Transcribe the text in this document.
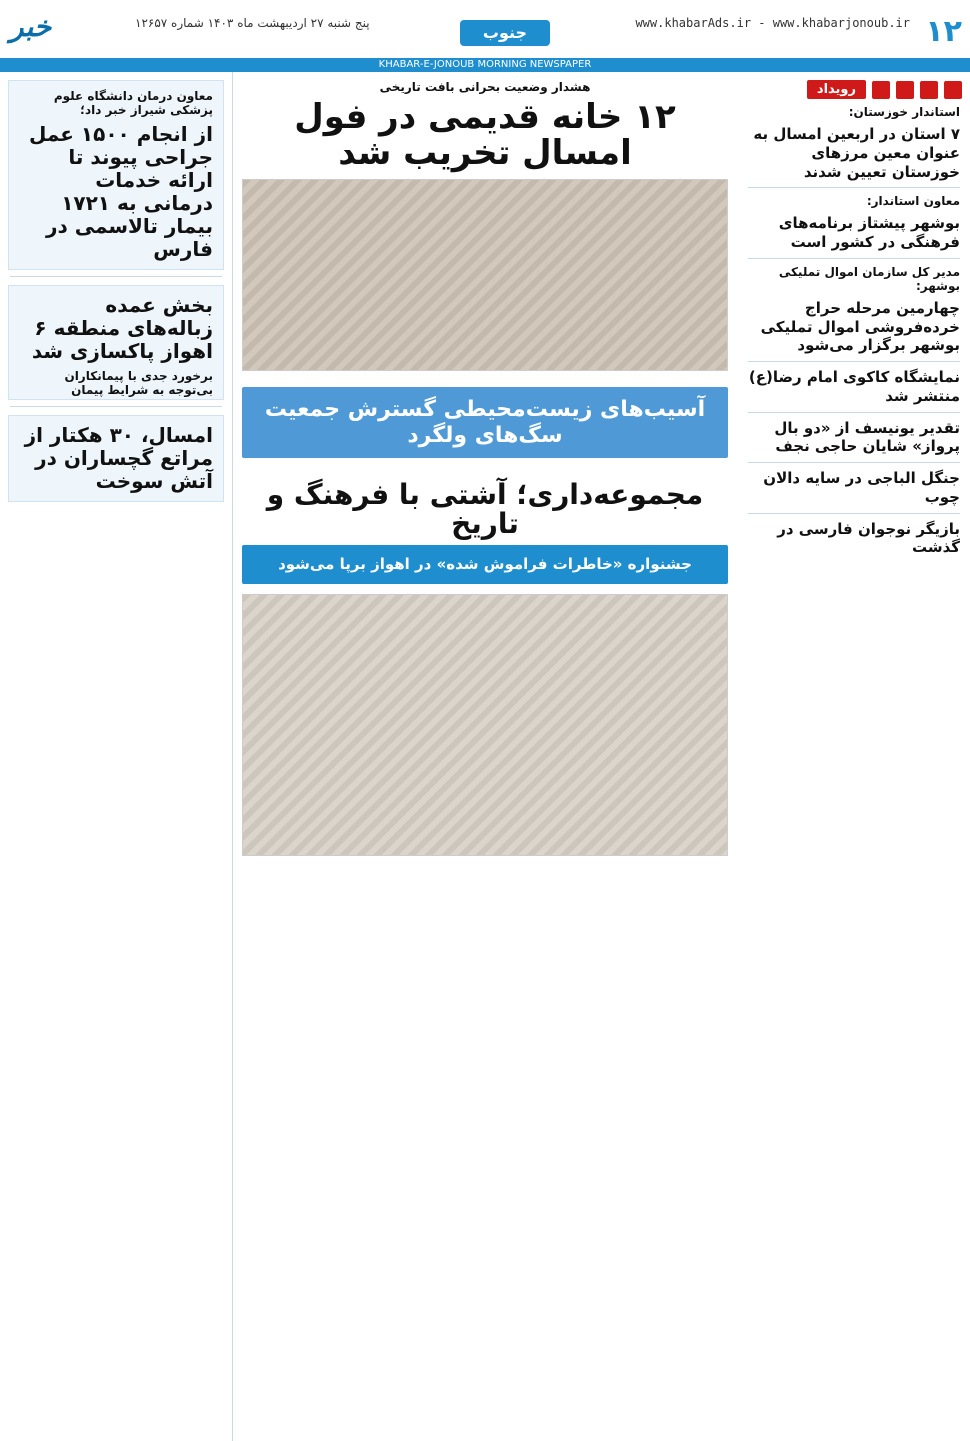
۱۲
www.khabarAds.ir - www.khabarjonoub.ir
جنوب
پنج شنبه ۲۷ اردیبهشت ماه ۱۴۰۳ شماره ۱۲۶۵۷
خبر
KHABAR-E-JONOUB MORNING NEWSPAPER
رویداد
استاندار خوزستان:
۷ استان در اربعین امسال به عنوان معین مرزهای خوزستان تعیین شدند
معاون استاندار:
بوشهر پیشتاز برنامه‌های فرهنگی در کشور است
مدیر کل سازمان اموال تملیکی بوشهر:
چهارمین مرحله حراج خرده‌فروشی اموال تملیکی بوشهر برگزار می‌شود
نمایشگاه کاکوی امام رضا(ع) منتشر شد
تقدیر یونیسف از «دو بال پرواز» شایان حاجی نجف
جنگل الباجی در سایه دالان چوب
بازیگر نوجوان فارسی در گذشت
هشدار وضعیت بحرانی بافت تاریخی
۱۲ خانه قدیمی در فول امسال تخریب شد
آسیب‌های زیست‌محیطی گسترش جمعیت سگ‌های ولگرد
مجموعه‌داری؛ آشتی با فرهنگ و تاریخ
جشنواره «خاطرات فراموش شده» در اهواز برپا می‌شود
معاون درمان دانشگاه علوم پزشکی شیراز خبر داد؛
از انجام ۱۵۰۰ عمل جراحی پیوند تا ارائه خدمات درمانی به ۱۷۲۱ بیمار تالاسمی در فارس
بخش عمده زباله‌های منطقه ۶ اهواز پاکسازی شد
برخورد جدی با پیمانکاران بی‌توجه به شرایط پیمان
امسال، ۳۰ هکتار از مراتع گچساران در آتش سوخت
